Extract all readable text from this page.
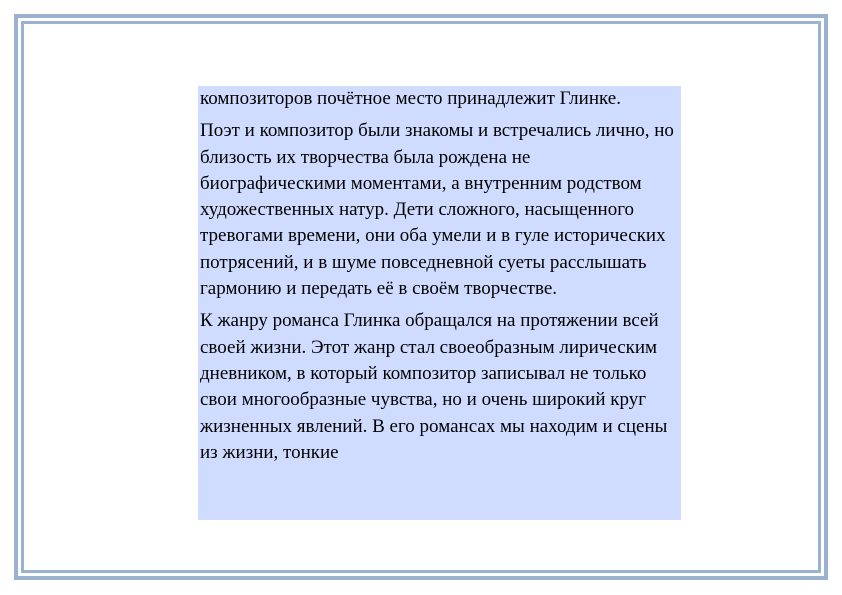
композиторов почётное место принадлежит Глинке.

Поэт и композитор были знакомы и встречались лично, но близость их творчества была рождена не биографическими моментами, а внутренним родством художественных натур. Дети сложного, насыщенного тревогами времени, они оба умели и в гуле исторических потрясений, и в шуме повседневной суеты расслышать гармонию и передать её в своём творчестве.

К жанру романса Глинка обращался на протяжении всей своей жизни. Этот жанр стал своеобразным лирическим дневником, в который композитор записывал не только свои многообразные чувства, но и очень широкий круг жизненных явлений. В его романсах мы находим и сцены из жизни, тонкие
